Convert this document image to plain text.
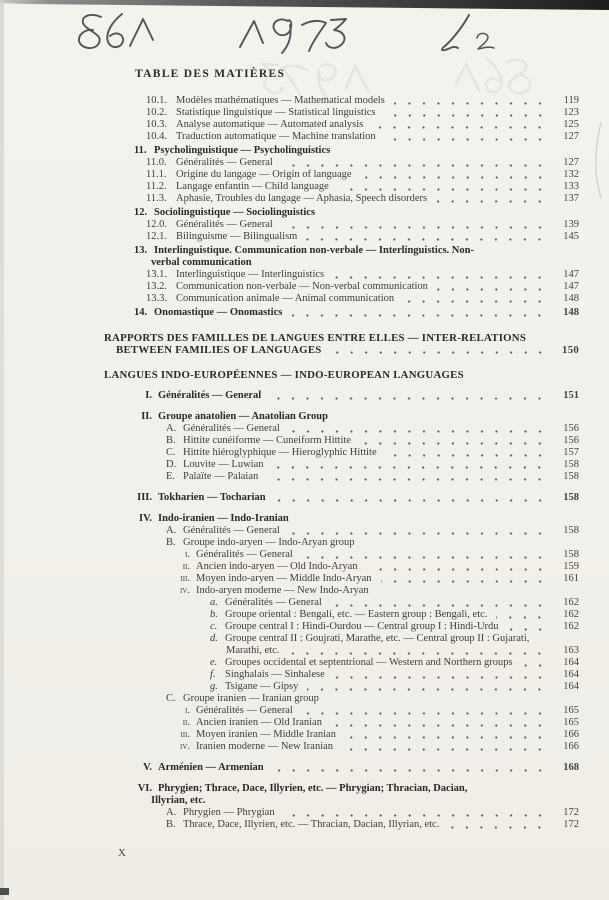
TABLE DES MATIÈRES
10.1. Modèles mathématiques — Mathematical models	119
10.2. Statistique linguistique — Statistical linguistics	123
10.3. Analyse automatique — Automated analysis	125
10.4. Traduction automatique — Machine translation	127
11. Psycholinguistique — Psycholinguistics
11.0. Généralités — General	127
11.1. Origine du langage — Origin of language	132
11.2. Langage enfantin — Child language	133
11.3. Aphasie, Troubles du langage — Aphasia, Speech disorders	137
12. Sociolinguistique — Sociolinguistics
12.0. Généralités — General	139
12.1. Bilinguisme — Bilingualism	145
13. Interlinguistique. Communication non-verbale — Interlinguistics. Non-
verbal communication
13.1. Interlinguistique — Interlinguistics	147
13.2. Communication non-verbale — Non-verbal communication	147
13.3. Communication animale — Animal communication	148
14. Onomastique — Onomastics	148
RAPPORTS DES FAMILLES DE LANGUES ENTRE ELLES — INTER-RELATIONS
BETWEEN FAMILIES OF LANGUAGES	150
LANGUES INDO-EUROPÉENNES — INDO-EUROPEAN LANGUAGES
I. Généralités — General	151
II. Groupe anatolien — Anatolian Group
A. Généralités — General	156
B. Hittite cunéiforme — Cuneiform Hittite	156
C. Hittite hiéroglyphique — Hieroglyphic Hittite	157
D. Louvite — Luwian	158
E. Palaïte — Palaian	158
III. Tokharien — Tocharian	158
IV. Indo-iranien — Indo-Iranian
A. Généralités — General	158
B. Groupe indo-aryen — Indo-Aryan group
i. Généralités — General	158
ii. Ancien indo-aryen — Old Indo-Aryan	159
iii. Moyen indo-aryen — Middle Indo-Aryan	161
iv. Indo-aryen moderne — New Indo-Aryan
a. Généralités — General	162
b. Groupe oriental : Bengali, etc. — Eastern group : Bengali, etc.	162
c. Groupe central I : Hindi-Ourdou — Central group I : Hindi-Urdu	162
d. Groupe central II : Goujrati, Marathe, etc. — Central group II : Gujarati,
Marathi, etc.	163
e. Groupes occidental et septentrional — Western and Northern groups	164
f. Singhalais — Sinhalese	164
g. Tsigane — Gipsy	164
C. Groupe iranien — Iranian group
i. Généralités — General	165
ii. Ancien iranien — Old Iranian	165
iii. Moyen iranien — Middle Iranian	166
iv. Iranien moderne — New Iranian	166
V. Arménien — Armenian	168
VI. Phrygien; Thrace, Dace, Illyrien, etc. — Phrygian; Thracian, Dacian,
Illyrian, etc.
A. Phrygien — Phrygian	172
B. Thrace, Dace, Illyrien, etc. — Thracian, Dacian, Illyrian, etc.	172
X
